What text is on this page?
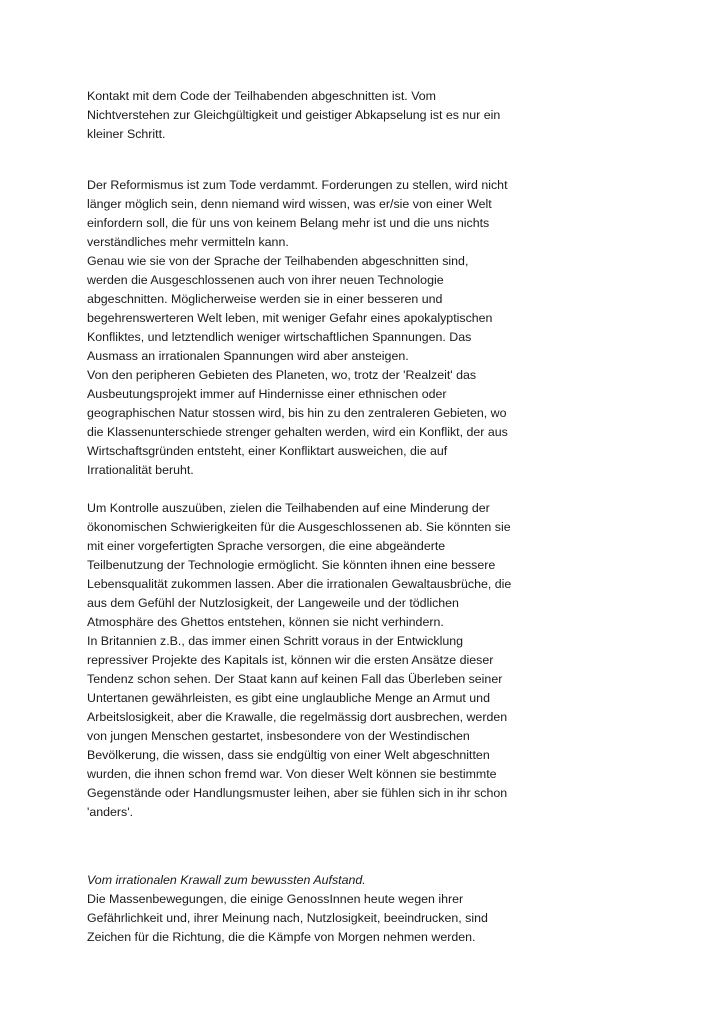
Kontakt mit dem Code der Teilhabenden abgeschnitten ist. Vom
Nichtverstehen zur Gleichgültigkeit und geistiger Abkapselung ist es nur ein
kleiner Schritt.

Der Reformismus ist zum Tode verdammt. Forderungen zu stellen, wird nicht
länger möglich sein, denn niemand wird wissen, was er/sie von einer Welt
einfordern soll, die für uns von keinem Belang mehr ist und die uns nichts
verständliches mehr vermitteln kann.
Genau wie sie von der Sprache der Teilhabenden abgeschnitten sind,
werden die Ausgeschlossenen auch von ihrer neuen Technologie
abgeschnitten. Möglicherweise werden sie in einer besseren und
begehrenswerteren Welt leben, mit weniger Gefahr eines apokalyptischen
Konfliktes, und letztendlich weniger wirtschaftlichen Spannungen. Das
Ausmass an irrationalen Spannungen wird aber ansteigen.
Von den peripheren Gebieten des Planeten, wo, trotz der 'Realzeit' das
Ausbeutungsprojekt immer auf Hindernisse einer ethnischen oder
geographischen Natur stossen wird, bis hin zu den zentraleren Gebieten, wo
die Klassenunterschiede strenger gehalten werden, wird ein Konflikt, der aus
Wirtschaftsgründen entsteht, einer Konfliktart ausweichen, die auf
Irrationalität beruht.

Um Kontrolle auszuüben, zielen die Teilhabenden auf eine Minderung der
ökonomischen Schwierigkeiten für die Ausgeschlossenen ab. Sie könnten sie
mit einer vorgefertigten Sprache versorgen, die eine abgeänderte
Teilbenutzung der Technologie ermöglicht. Sie könnten ihnen eine bessere
Lebensqualität zukommen lassen. Aber die irrationalen Gewaltausbrüche, die
aus dem Gefühl der Nutzlosigkeit, der Langeweile und der tödlichen
Atmosphäre des Ghettos entstehen, können sie nicht verhindern.
In Britannien z.B., das immer einen Schritt voraus in der Entwicklung
repressiver Projekte des Kapitals ist, können wir die ersten Ansätze dieser
Tendenz schon sehen. Der Staat kann auf keinen Fall das Überleben seiner
Untertanen gewährleisten, es gibt eine unglaubliche Menge an Armut und
Arbeitslosigkeit, aber die Krawalle, die regelmässig dort ausbrechen, werden
von jungen Menschen gestartet, insbesondere von der Westindischen
Bevölkerung, die wissen, dass sie endgültig von einer Welt abgeschnitten
wurden, die ihnen schon fremd war. Von dieser Welt können sie bestimmte
Gegenstände oder Handlungsmuster leihen, aber sie fühlen sich in ihr schon
'anders'.

Vom irrationalen Krawall zum bewussten Aufstand.

Die Massenbewegungen, die einige GenossInnen heute wegen ihrer
Gefährlichkeit und, ihrer Meinung nach, Nutzlosigkeit, beeindrucken, sind
Zeichen für die Richtung, die die Kämpfe von Morgen nehmen werden.
